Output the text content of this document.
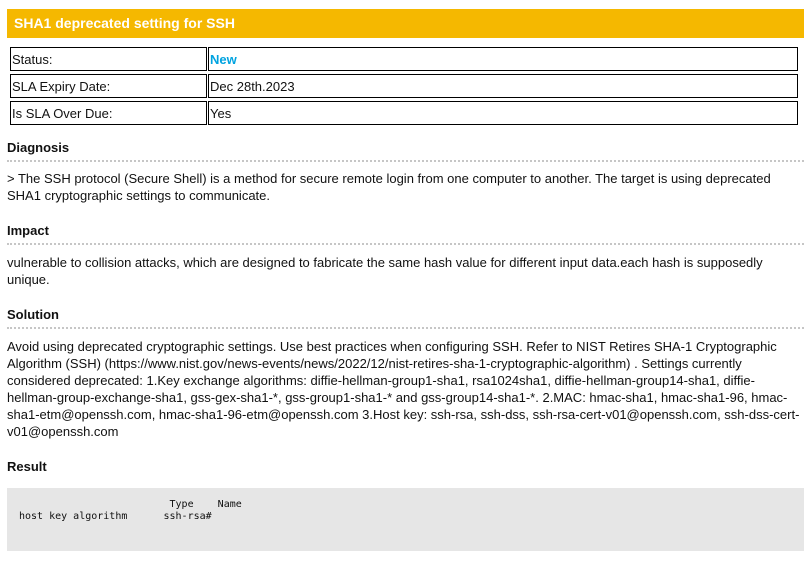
SHA1 deprecated setting for SSH
Status:	New
SLA Expiry Date:	Dec 28th.2023
Is SLA Over Due:	Yes
Diagnosis
> The SSH protocol (Secure Shell) is a method for secure remote login from one computer to another. The target is using deprecated SHA1 cryptographic settings to communicate.
Impact
vulnerable to collision attacks, which are designed to fabricate the same hash value for different input data.each hash is supposedly unique.
Solution
Avoid using deprecated cryptographic settings. Use best practices when configuring SSH. Refer to NIST Retires SHA-1 Cryptographic Algorithm (SSH) (https://www.nist.gov/news-events/news/2022/12/nist-retires-sha-1-cryptographic-algorithm) . Settings currently considered deprecated: 1.Key exchange algorithms: diffie-hellman-group1-sha1, rsa1024sha1, diffie-hellman-group14-sha1, diffie-hellman-group-exchange-sha1, gss-gex-sha1-*, gss-group1-sha1-* and gss-group14-sha1-*. 2.MAC: hmac-sha1, hmac-sha1-96, hmac-sha1-etm@openssh.com, hmac-sha1-96-etm@openssh.com 3.Host key: ssh-rsa, ssh-dss, ssh-rsa-cert-v01@openssh.com, ssh-dss-cert-v01@openssh.com
Result
Type    Name
host key algorithm      ssh-rsa#
